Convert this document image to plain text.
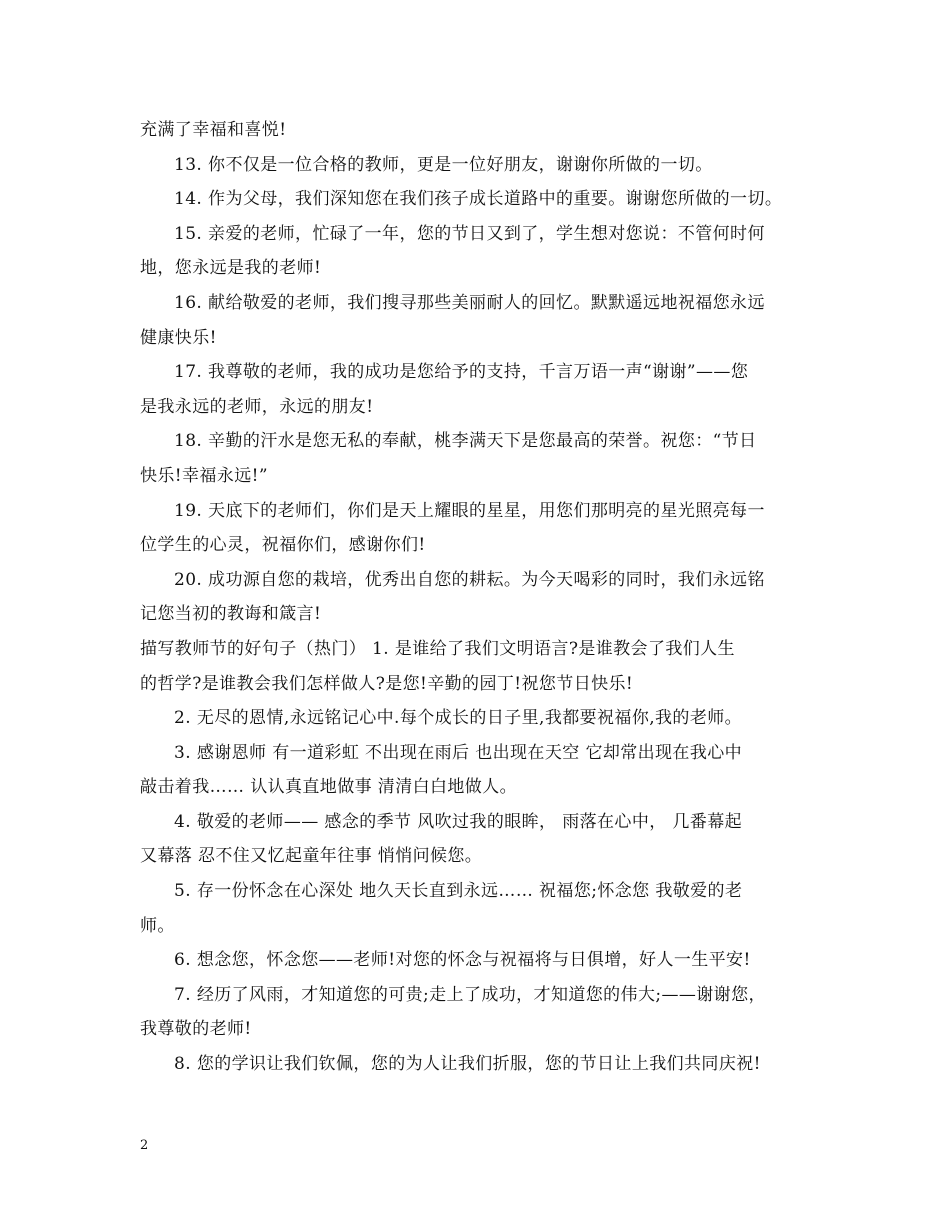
充满了幸福和喜悦!
13. 你不仅是一位合格的教师，更是一位好朋友，谢谢你所做的一切。
14. 作为父母，我们深知您在我们孩子成长道路中的重要。谢谢您所做的一切。
15. 亲爱的老师，忙碌了一年，您的节日又到了，学生想对您说：不管何时何
地，您永远是我的老师!
16. 献给敬爱的老师，我们搜寻那些美丽耐人的回忆。默默遥远地祝福您永远
健康快乐!
17. 我尊敬的老师，我的成功是您给予的支持，千言万语一声“谢谢”——您
是我永远的老师，永远的朋友!
18. 辛勤的汗水是您无私的奉献，桃李满天下是您最高的荣誉。祝您：“节日
快乐!幸福永远!”
19. 天底下的老师们，你们是天上耀眼的星星，用您们那明亮的星光照亮每一
位学生的心灵，祝福你们，感谢你们!
20. 成功源自您的栽培，优秀出自您的耕耘。为今天喝彩的同时，我们永远铭
记您当初的教诲和箴言!
描写教师节的好句子（热门） 1. 是谁给了我们文明语言?是谁教会了我们人生
的哲学?是谁教会我们怎样做人?是您!辛勤的园丁!祝您节日快乐!
2. 无尽的恩情,永远铭记心中.每个成长的日子里,我都要祝福你,我的老师。
3. 感谢恩师 有一道彩虹 不出现在雨后 也出现在天空 它却常出现在我心中
敲击着我…… 认认真直地做事 清清白白地做人。
4. 敬爱的老师—— 感念的季节 风吹过我的眼眸， 雨落在心中， 几番幕起
又幕落 忍不住又忆起童年往事 悄悄问候您。
5. 存一份怀念在心深处 地久天长直到永远…… 祝福您;怀念您 我敬爱的老
师。
6. 想念您，怀念您——老师!对您的怀念与祝福将与日俱增，好人一生平安!
7. 经历了风雨，才知道您的可贵;走上了成功，才知道您的伟大;——谢谢您，
我尊敬的老师!
8. 您的学识让我们钦佩，您的为人让我们折服，您的节日让上我们共同庆祝!
2
